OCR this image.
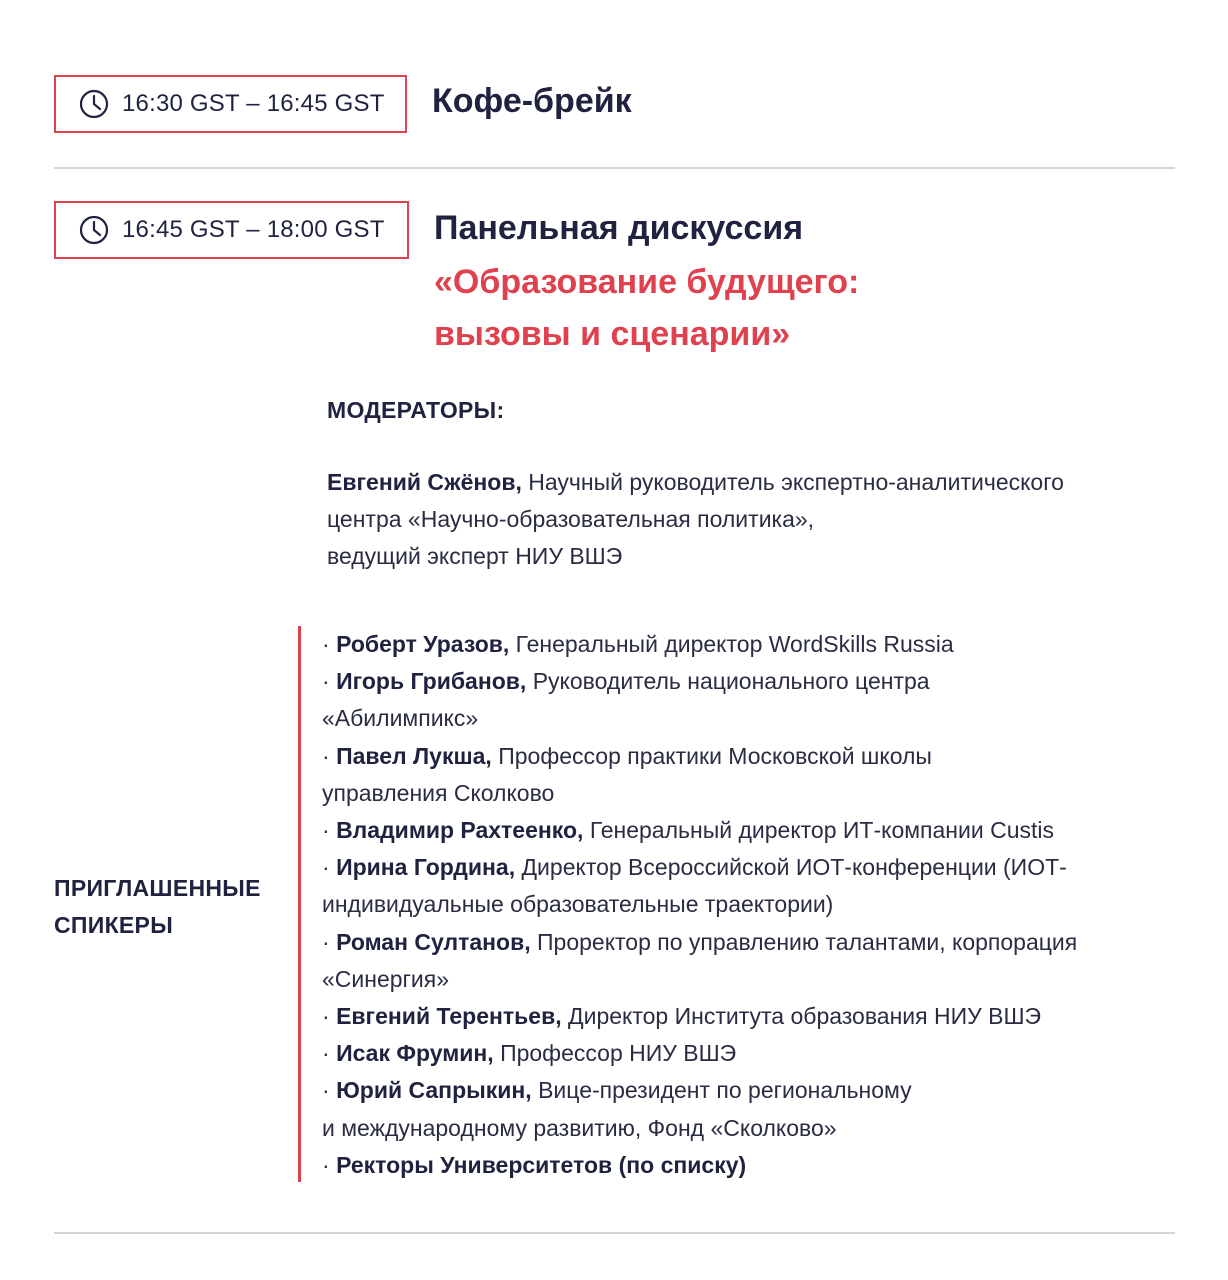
16:30 GST – 16:45 GST Кофе-брейк
16:45 GST – 18:00 GST Панельная дискуссия
«Образование будущего:
вызовы и сценарии»
МОДЕРАТОРЫ:
Евгений Сжёнов, Научный руководитель экспертно-аналитического
центра «Научно-образовательная политика»,
ведущий эксперт НИУ ВШЭ
ПРИГЛАШЕННЫЕ
СПИКЕРЫ
· Роберт Уразов, Генеральный директор WordSkills Russia
· Игорь Грибанов, Руководитель национального центра
«Абилимпикс»
· Павел Лукша, Профессор практики Московской школы
управления Сколково
· Владимир Рахтеенко, Генеральный директор ИТ-компании Custis
· Ирина Гордина, Директор Всероссийской ИОТ-конференции (ИОТ-
индивидуальные образовательные траектории)
· Роман Султанов, Проректор по управлению талантами, корпорация
«Синергия»
· Евгений Терентьев, Директор Института образования НИУ ВШЭ
· Исак Фрумин, Профессор НИУ ВШЭ
· Юрий Сапрыкин, Вице-президент по региональному
и международному развитию, Фонд «Сколково»
· Ректоры Университетов (по списку)
